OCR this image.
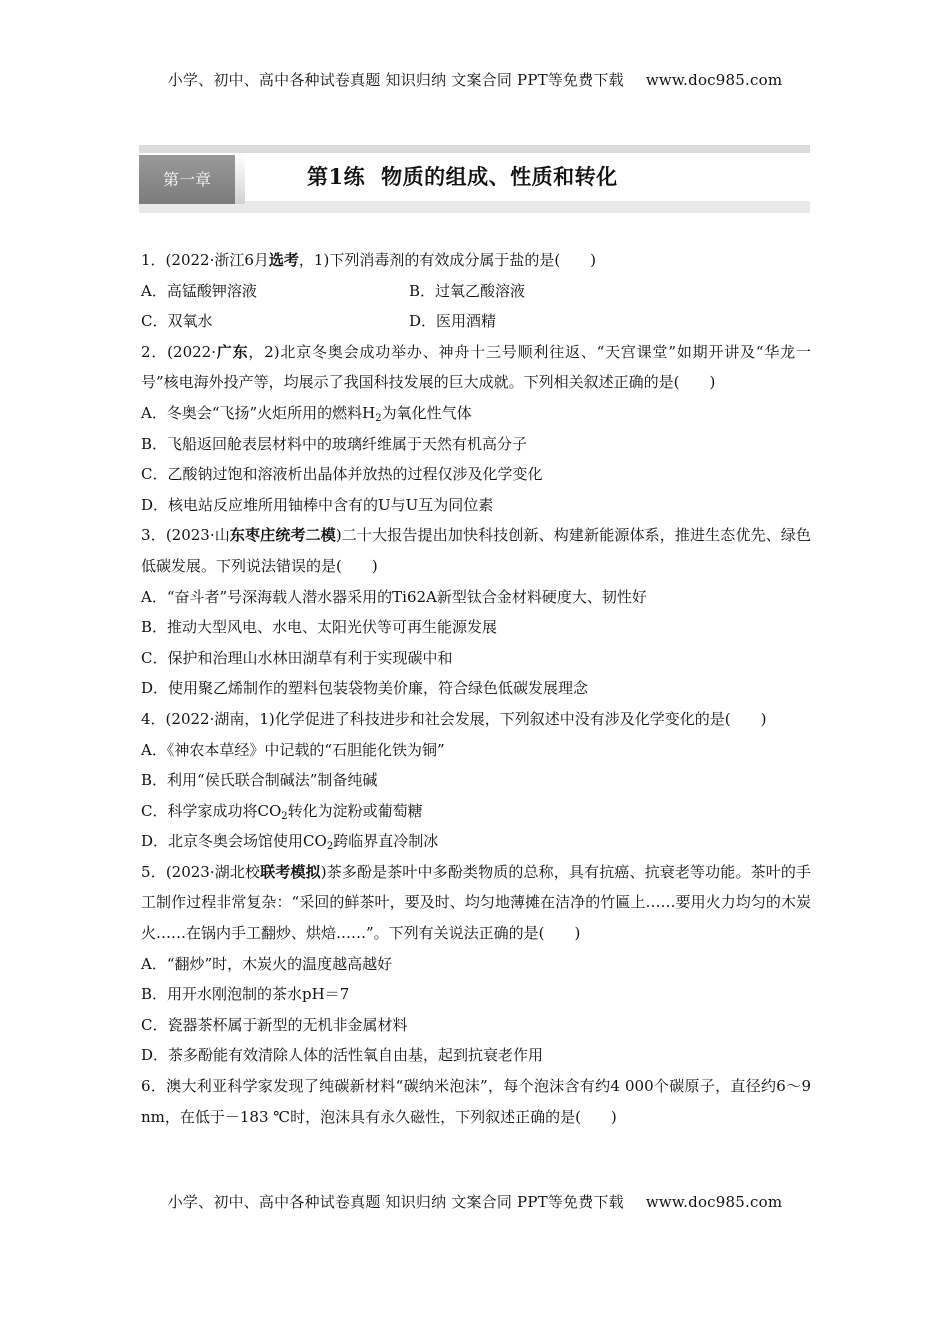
小学、初中、高中各种试卷真题 知识归纳 文案合同 PPT等免费下载 www.doc985.com
第一章	第1练 物质的组成、性质和转化
1．(2022·浙江6月选考，1)下列消毒剂的有效成分属于盐的是(　　)
A．高锰酸钾溶液	B．过氧乙酸溶液
C．双氧水	D．医用酒精
2．(2022·广东，2)北京冬奥会成功举办、神舟十三号顺利往返、“天宫课堂”如期开讲及“华龙一号”核电海外投产等，均展示了我国科技发展的巨大成就。下列相关叙述正确的是(　　)
A．冬奥会“飞扬”火炬所用的燃料$H_2$为氧化性气体
B．飞船返回舱表层材料中的玻璃纤维属于天然有机高分子
C．乙酸钠过饱和溶液析出晶体并放热的过程仅涉及化学变化
D．核电站反应堆所用铀棒中含有的U与U互为同位素
3．(2023·山东枣庄统考二模)二十大报告提出加快科技创新、构建新能源体系，推进生态优先、绿色低碳发展。下列说法错误的是(　　)
A．“奋斗者”号深海载人潜水器采用的Ti62A新型钛合金材料硬度大、韧性好
B．推动大型风电、水电、太阳光伏等可再生能源发展
C．保护和治理山水林田湖草有利于实现碳中和
D．使用聚乙烯制作的塑料包装袋物美价廉，符合绿色低碳发展理念
4．(2022·湖南，1)化学促进了科技进步和社会发展，下列叙述中没有涉及化学变化的是(　　)
A．《神农本草经》中记载的“石胆能化铁为铜”
B．利用“侯氏联合制碱法”制备纯碱
C．科学家成功将$CO_2$转化为淀粉或葡萄糖
D．北京冬奥会场馆使用$CO_2$跨临界直冷制冰
5．(2023·湖北校联考模拟)茶多酚是茶叶中多酚类物质的总称，具有抗癌、抗衰老等功能。茶叶的手工制作过程非常复杂：“采回的鲜茶叶，要及时、均匀地薄摊在洁净的竹匾上……要用火力均匀的木炭火……在锅内手工翻炒、烘焙……”。下列有关说法正确的是(　　)
A．“翻炒”时，木炭火的温度越高越好
B．用开水刚泡制的茶水pH＝7
C．瓷器茶杯属于新型的无机非金属材料
D．茶多酚能有效清除人体的活性氧自由基，起到抗衰老作用
6．澳大利亚科学家发现了纯碳新材料“碳纳米泡沫”，每个泡沫含有约4 000个碳原子，直径约6～9 nm，在低于－183 ℃时，泡沫具有永久磁性，下列叙述正确的是(　　)
小学、初中、高中各种试卷真题 知识归纳 文案合同 PPT等免费下载 www.doc985.com
